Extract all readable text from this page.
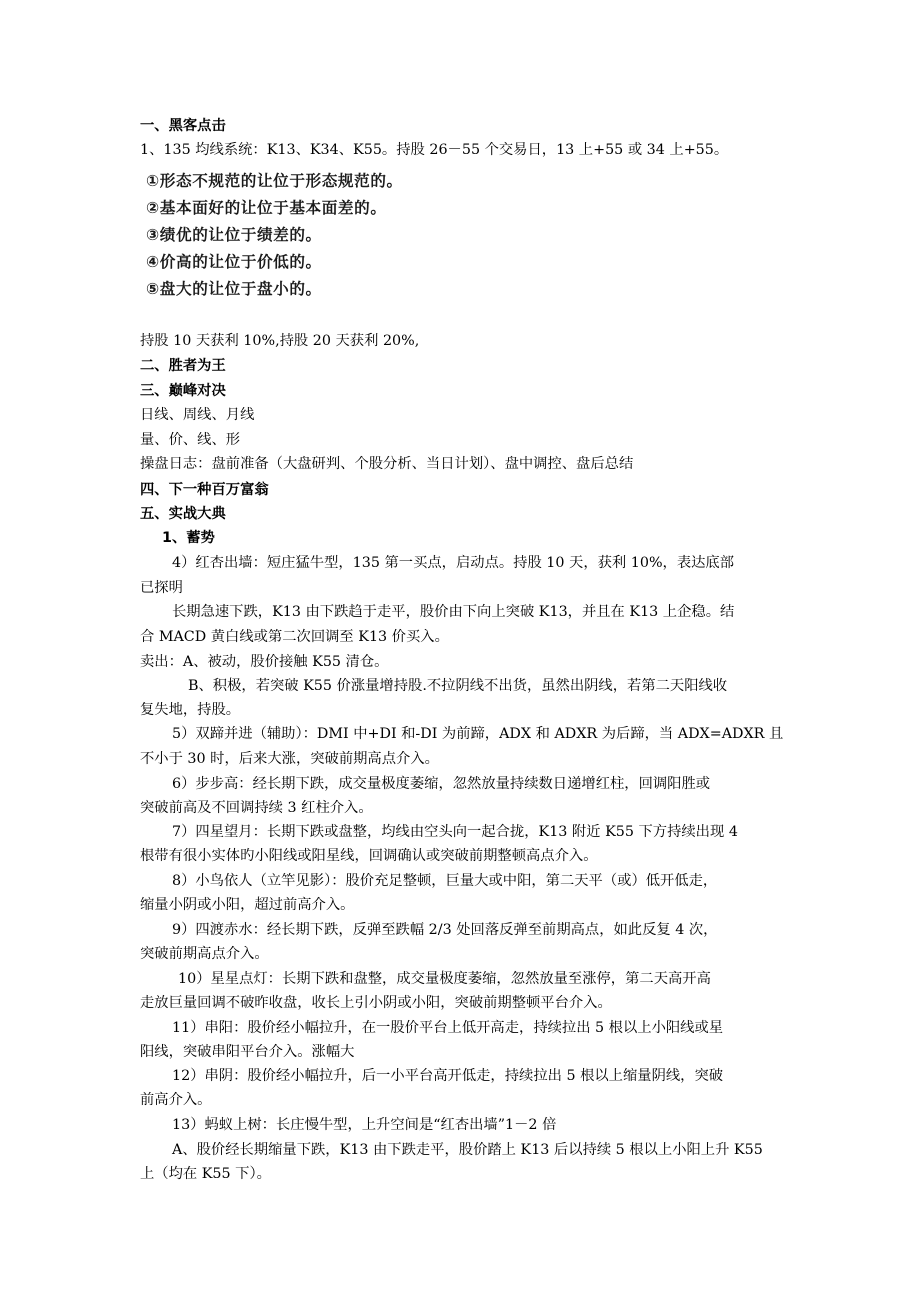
一、黑客点击
1、135 均线系统：K13、K34、K55。持股 26－55 个交易日，13 上+55 或 34 上+55。
①形态不规范的让位于形态规范的。
②基本面好的让位于基本面差的。
③绩优的让位于绩差的。
④价高的让位于价低的。
⑤盘大的让位于盘小的。
持股 10 天获利 10%,持股 20 天获利 20%,
二、胜者为王
三、巅峰对决
日线、周线、月线
量、价、线、形
操盘日志：盘前准备（大盘研判、个股分析、当日计划）、盘中调控、盘后总结
四、下一种百万富翁
五、实战大典
1、蓄势
4）红杏出墙：短庄猛牛型，135 第一买点，启动点。持股 10 天，获利 10%，表达底部
已探明
长期急速下跌，K13 由下跌趋于走平，股价由下向上突破 K13，并且在 K13 上企稳。结
合 MACD 黄白线或第二次回调至 K13 价买入。
卖出：A、被动，股价接触 K55 清仓。
B、积极，若突破 K55 价涨量增持股.不拉阴线不出货，虽然出阴线，若第二天阳线收
复失地，持股。
5）双蹄并进（辅助）：DMI 中+DI 和-DI 为前蹄，ADX 和 ADXR 为后蹄，当 ADX=ADXR 且
不小于 30 时，后来大涨，突破前期高点介入。
6）步步高：经长期下跌，成交量极度萎缩，忽然放量持续数日递增红柱，回调阳胜或
突破前高及不回调持续 3 红柱介入。
7）四星望月：长期下跌或盘整，均线由空头向一起合拢，K13 附近 K55 下方持续出现 4
根带有很小实体旳小阳线或阳星线，回调确认或突破前期整顿高点介入。
8）小鸟依人（立竿见影）：股价充足整顿，巨量大或中阳，第二天平（或）低开低走，
缩量小阴或小阳，超过前高介入。
9）四渡赤水：经长期下跌，反弹至跌幅 2/3 处回落反弹至前期高点，如此反复 4 次，
突破前期高点介入。
10）星星点灯：长期下跌和盘整，成交量极度萎缩，忽然放量至涨停，第二天高开高
走放巨量回调不破昨收盘，收长上引小阴或小阳，突破前期整顿平台介入。
11）串阳：股价经小幅拉升，在一股价平台上低开高走，持续拉出 5 根以上小阳线或星
阳线，突破串阳平台介入。涨幅大
12）串阴：股价经小幅拉升，后一小平台高开低走，持续拉出 5 根以上缩量阴线，突破
前高介入。
13）蚂蚁上树：长庄慢牛型，上升空间是“红杏出墙”1－2 倍
A、股价经长期缩量下跌，K13 由下跌走平，股价踏上 K13 后以持续 5 根以上小阳上升 K55
上（均在 K55 下）。
